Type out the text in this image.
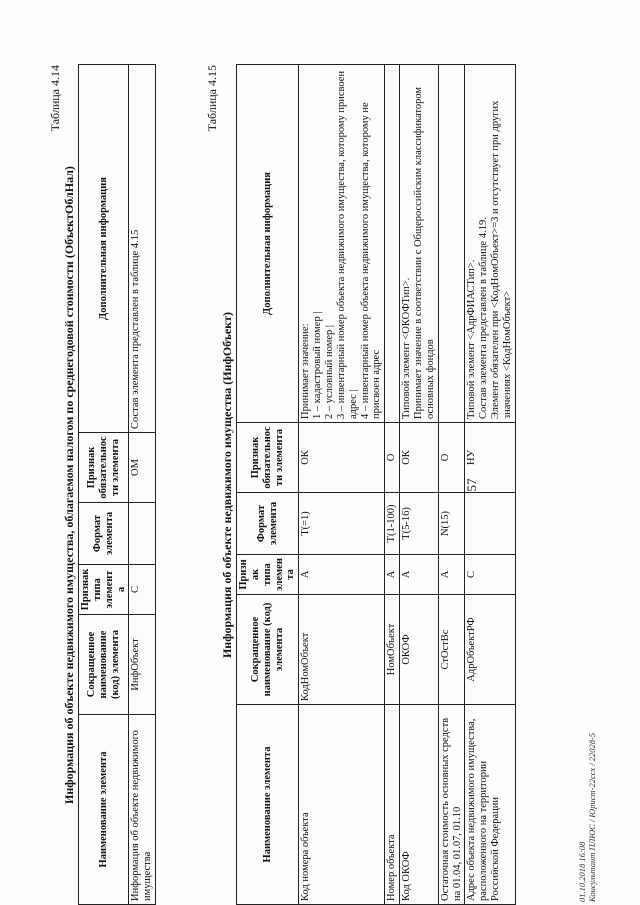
57
Таблица 4.14
Информация об объекте недвижимого имущества, облагаемом налогом по среднегодовой стоимости (ОбъектОблНал)
Наименование элемента	Сокращенное наименование (код) элемента	Признак типа элемента	Формат элемента	Признак обязательности элемента	Дополнительная информация
Информация об объекте недвижимого имущества	ИнфОбъект	С		ОМ	Состав элемента представлен в таблице 4.15
Таблица 4.15
Информация об объекте недвижимого имущества (ИнфОбъект)
Наименование элемента	Сокращенное наименование (код) элемента	Признак типа элемента	Формат элемента	Признак обязательности элемента	Дополнительная информация
Код номера объекта	КодНомОбъект	А	Т(=1)	ОК	Принимает значение:
1 – кадастровый номер |
2 – условный номер |
3 – инвентарный номер объекта недвижимого имущества, которому присвоен адрес |
4 – инвентарный номер объекта недвижимого имущества, которому не присвоен адрес
Номер объекта	НомОбъект	А	Т(1-100)	О	
Код ОКОФ	ОКОФ	А	Т(5-16)	ОК	Типовой элемент <ОКОФТип>.
Принимает значение в соответствии с Общероссийским классификатором основных фондов
Остаточная стоимость основных средств на 01.04, 01.07, 01.10	СтОстВс	А	N(15)	О	
Адрес объекта недвижимого имущества, расположенного на территории Российской Федерации	АдрОбъектРФ	С		НУ	Типовой элемент <АдрФИАСТип>.
Состав элемента представлен в таблице 4.19.
Элемент обязателен при <КодНомОбъект>=3 и отсутствует при других значениях <КодНомОбъект>
01.10.2018 16:08 Консультант ПЛЮС / Юрист-22ссх / 22028-5
